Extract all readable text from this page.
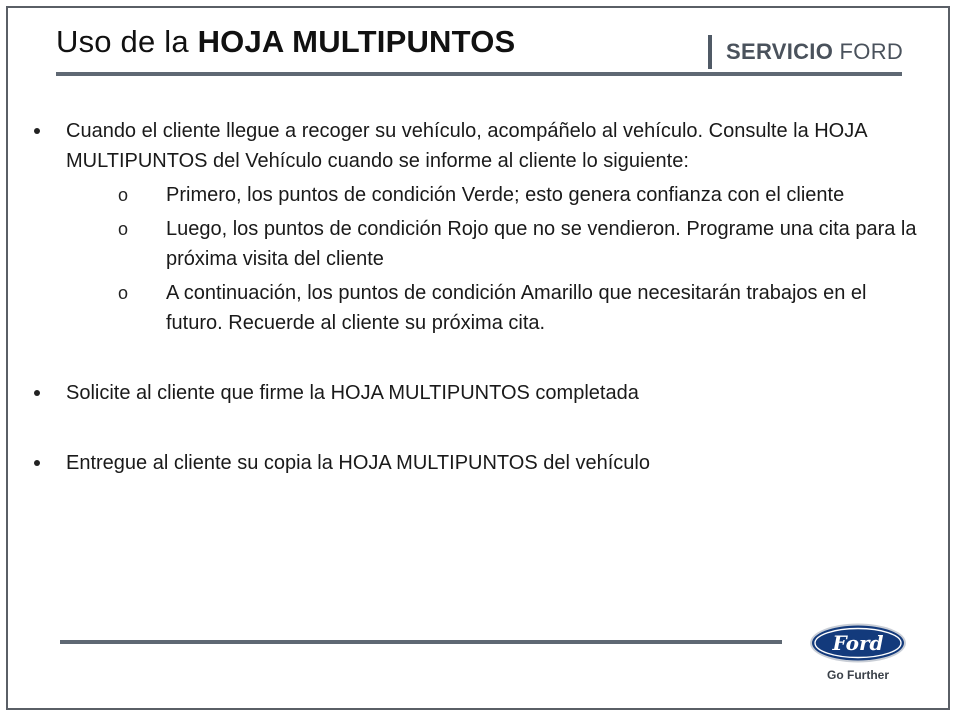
Uso de la HOJA MULTIPUNTOS	SERVICIO FORD
Cuando el cliente llegue a recoger su vehículo, acompáñelo al vehículo. Consulte la HOJA MULTIPUNTOS del Vehículo cuando se informe al cliente lo siguiente:
o Primero, los puntos de condición Verde; esto genera confianza con el cliente
o Luego, los puntos de condición Rojo que no se vendieron. Programe una cita para la próxima visita del cliente
o A continuación, los puntos de condición Amarillo que necesitarán trabajos en el futuro. Recuerde al cliente su próxima cita.
Solicite al cliente que firme la HOJA MULTIPUNTOS completada
Entregue al cliente su copia la HOJA MULTIPUNTOS del vehículo
Ford
Go Further
